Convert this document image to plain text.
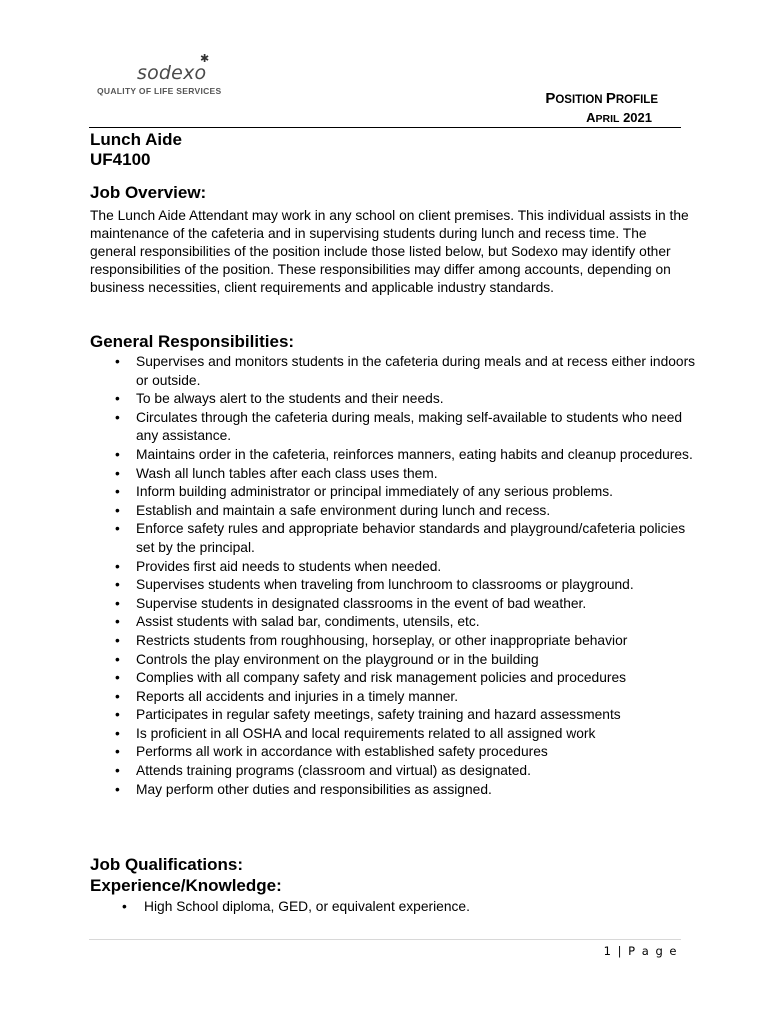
✱
sodexo
QUALITY OF LIFE SERVICES	POSITION PROFILE
APRIL 2021
Lunch Aide
UF4100
Job Overview:
The Lunch Aide Attendant may work in any school on client premises. This individual assists in the maintenance of the cafeteria and in supervising students during lunch and recess time. The general responsibilities of the position include those listed below, but Sodexo may identify other responsibilities of the position. These responsibilities may differ among accounts, depending on business necessities, client requirements and applicable industry standards.
General Responsibilities:
• Supervises and monitors students in the cafeteria during meals and at recess either indoors or outside.
• To be always alert to the students and their needs.
• Circulates through the cafeteria during meals, making self-available to students who need any assistance.
• Maintains order in the cafeteria, reinforces manners, eating habits and cleanup procedures.
• Wash all lunch tables after each class uses them.
• Inform building administrator or principal immediately of any serious problems.
• Establish and maintain a safe environment during lunch and recess.
• Enforce safety rules and appropriate behavior standards and playground/cafeteria policies set by the principal.
• Provides first aid needs to students when needed.
• Supervises students when traveling from lunchroom to classrooms or playground.
• Supervise students in designated classrooms in the event of bad weather.
• Assist students with salad bar, condiments, utensils, etc.
• Restricts students from roughhousing, horseplay, or other inappropriate behavior
• Controls the play environment on the playground or in the building
• Complies with all company safety and risk management policies and procedures
• Reports all accidents and injuries in a timely manner.
• Participates in regular safety meetings, safety training and hazard assessments
• Is proficient in all OSHA and local requirements related to all assigned work
• Performs all work in accordance with established safety procedures
• Attends training programs (classroom and virtual) as designated.
• May perform other duties and responsibilities as assigned.
Job Qualifications:
Experience/Knowledge:
• High School diploma, GED, or equivalent experience.
1 | P a g e
